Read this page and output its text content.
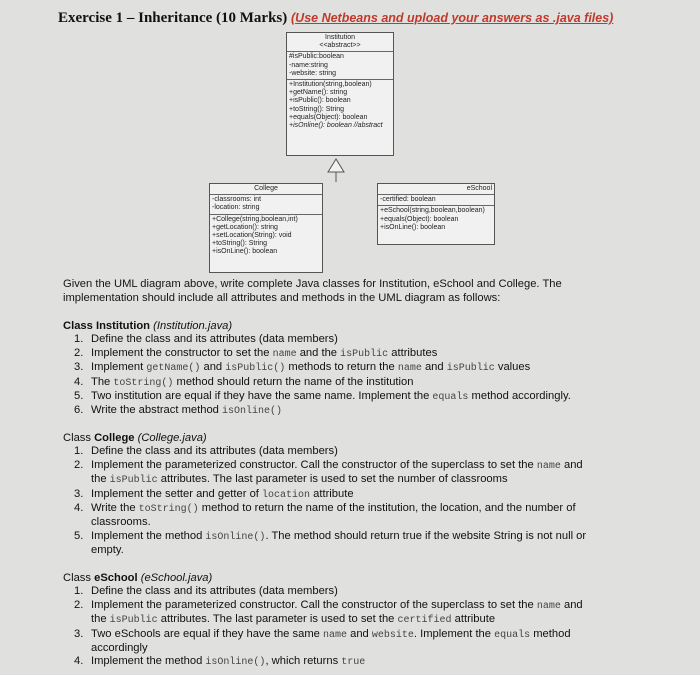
Exercise 1 – Inheritance (10 Marks) (Use Netbeans and upload your answers as .java files)
Institution
<<abstract>>
#isPublic:boolean
-name:string
-website: string
+Institution(string,boolean)
+getName(): string
+isPublic(): boolean
+toString(): String
+equals(Object): boolean
+isOnline(): boolean //abstract
College
-classrooms: int
-location: string
+College(string,boolean,int)
+getLocation(): string
+setLocation(String): void
+toString(): String
+isOnLine(): boolean
eSchool
-certified: boolean
+eSchool(string,boolean,boolean)
+equals(Object): boolean
+isOnLine(): boolean
Given the UML diagram above, write complete Java classes for Institution, eSchool and College. The
implementation should include all attributes and methods in the UML diagram as follows:
Class Institution (Institution.java)
1. Define the class and its attributes (data members)
2. Implement the constructor to set the name and the isPublic attributes
3. Implement getName() and isPublic() methods to return the name and isPublic values
4. The toString() method should return the name of the institution
5. Two institution are equal if they have the same name. Implement the equals method accordingly.
6. Write the abstract method isOnline()
Class College (College.java)
1. Define the class and its attributes (data members)
2. Implement the parameterized constructor. Call the constructor of the superclass to set the name and
the isPublic attributes. The last parameter is used to set the number of classrooms
3. Implement the setter and getter of location attribute
4. Write the toString() method to return the name of the institution, the location, and the number of
classrooms.
5. Implement the method isOnline(). The method should return true if the website String is not null or
empty.
Class eSchool (eSchool.java)
1. Define the class and its attributes (data members)
2. Implement the parameterized constructor. Call the constructor of the superclass to set the name and
the isPublic attributes. The last parameter is used to set the certified attribute
3. Two eSchools are equal if they have the same name and website. Implement the equals method
accordingly
4. Implement the method isOnline(), which returns true
